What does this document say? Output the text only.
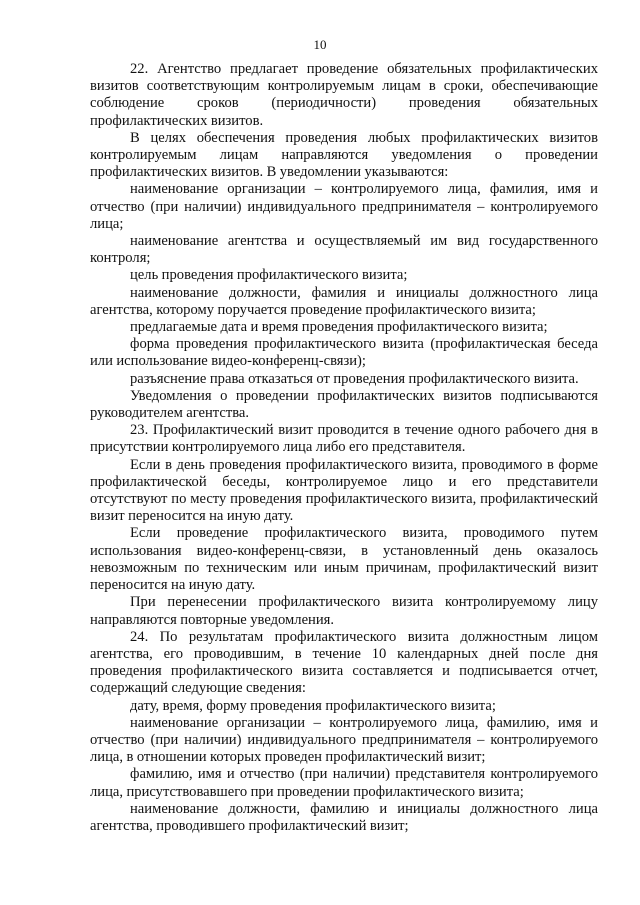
10

22. Агентство предлагает проведение обязательных профилактических визитов соответствующим контролируемым лицам в сроки, обеспечивающие соблюдение сроков (периодичности) проведения обязательных профилактических визитов.

В целях обеспечения проведения любых профилактических визитов контролируемым лицам направляются уведомления о проведении профилактических визитов. В уведомлении указываются:

наименование организации – контролируемого лица, фамилия, имя и отчество (при наличии) индивидуального предпринимателя – контролируемого лица;

наименование агентства и осуществляемый им вид государственного контроля;

цель проведения профилактического визита;

наименование должности, фамилия и инициалы должностного лица агентства, которому поручается проведение профилактического визита;

предлагаемые дата и время проведения профилактического визита;

форма проведения профилактического визита (профилактическая беседа или использование видео-конференц-связи);

разъяснение права отказаться от проведения профилактического визита.

Уведомления о проведении профилактических визитов подписываются руководителем агентства.

23. Профилактический визит проводится в течение одного рабочего дня в присутствии контролируемого лица либо его представителя.

Если в день проведения профилактического визита, проводимого в форме профилактической беседы, контролируемое лицо и его представители отсутствуют по месту проведения профилактического визита, профилактический визит переносится на иную дату.

Если проведение профилактического визита, проводимого путем использования видео-конференц-связи, в установленный день оказалось невозможным по техническим или иным причинам, профилактический визит переносится на иную дату.

При перенесении профилактического визита контролируемому лицу направляются повторные уведомления.

24. По результатам профилактического визита должностным лицом агентства, его проводившим, в течение 10 календарных дней после дня проведения профилактического визита составляется и подписывается отчет, содержащий следующие сведения:

дату, время, форму проведения профилактического визита;

наименование организации – контролируемого лица, фамилию, имя и отчество (при наличии) индивидуального предпринимателя – контролируемого лица, в отношении которых проведен профилактический визит;

фамилию, имя и отчество (при наличии) представителя контролируемого лица, присутствовавшего при проведении профилактического визита;

наименование должности, фамилию и инициалы должностного лица агентства, проводившего профилактический визит;
